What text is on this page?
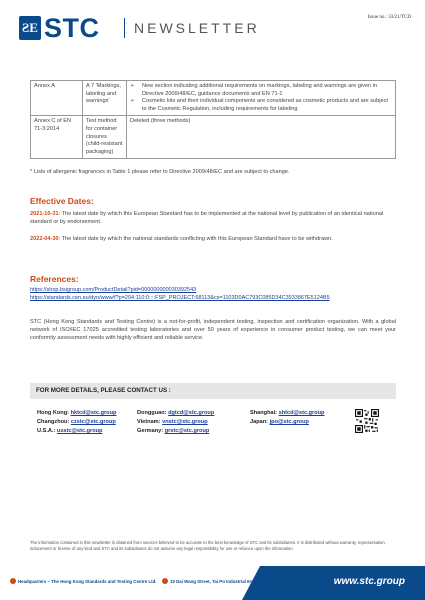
ƧE STC NEWSLETTER
Issue no.: 33/21/TCD
Annex A	A 7 'Markings, labeling and warnings'	➢ New section indicating additional requirements on markings, labeling and warnings are given in Directive 2009/48/EC, guidance documents and EN 71-1
➢ Cosmetic kits and their individual components are considered as cosmetic products and are subject to the Cosmetic Regulation, including requirements for labeling

Annex C of EN 71-3:2014	Test method for container closures (child-resistant packaging)	Deleted (three methods)
* Lists of allergenic fragrances in Table 1 please refer to Directive 2009/48/EC and are subject to change.
Effective Dates:
2021-10-31: The latest date by which this European Standard has to be implemented at the national level by publication of an identical national standard or by endorsement.
2022-04-30: The latest date by which the national standards conflicting with this European Standard have to be withdrawn.
References:
https://shop.bsigroup.com/ProductDetail?pid=000000000030392543
https://standards.cen.eu/dyn/www/f?p=204:110:0::::FSP_PROJECT:68113&cs=1103D0AC793C085D34C3933867E5124B5
STC (Hong Kong Standards and Testing Centre) is a not-for-profit, independent testing, inspection and certification organization. With a global network of ISO/IEC 17025 accredited testing laboratories and over 50 years of experience in consumer product testing, we can meet your conformity assessment needs with highly efficient and reliable service.
FOR MORE DETAILS, PLEASE CONTACT US :
Hong Kong: hktcd@stc.group	Dongguan: dgtcd@stc.group	Shanghai: shtcd@stc.group
Changzhou: czstc@stc.group	Vietnam: vnstc@stc.group	Japan: jpo@stc.group
U.S.A.: usstc@stc.group	Germany: grstc@stc.group
The information contained in this newsletter is obtained from sources believed to be accurate to the best knowledge of STC and its subsidiaries. It is distributed without warranty, representation, inducement or license of any kind and STC and its subsidiaries do not assume any legal responsibility for use or reliance upon the information.
Headquarters – The Hong Kong Standards and Testing Centre Ltd.	10 Dai Wang Street, Tai Po Industrial Estate, Tai Po, N.T., Hong Kong www.stc.group
